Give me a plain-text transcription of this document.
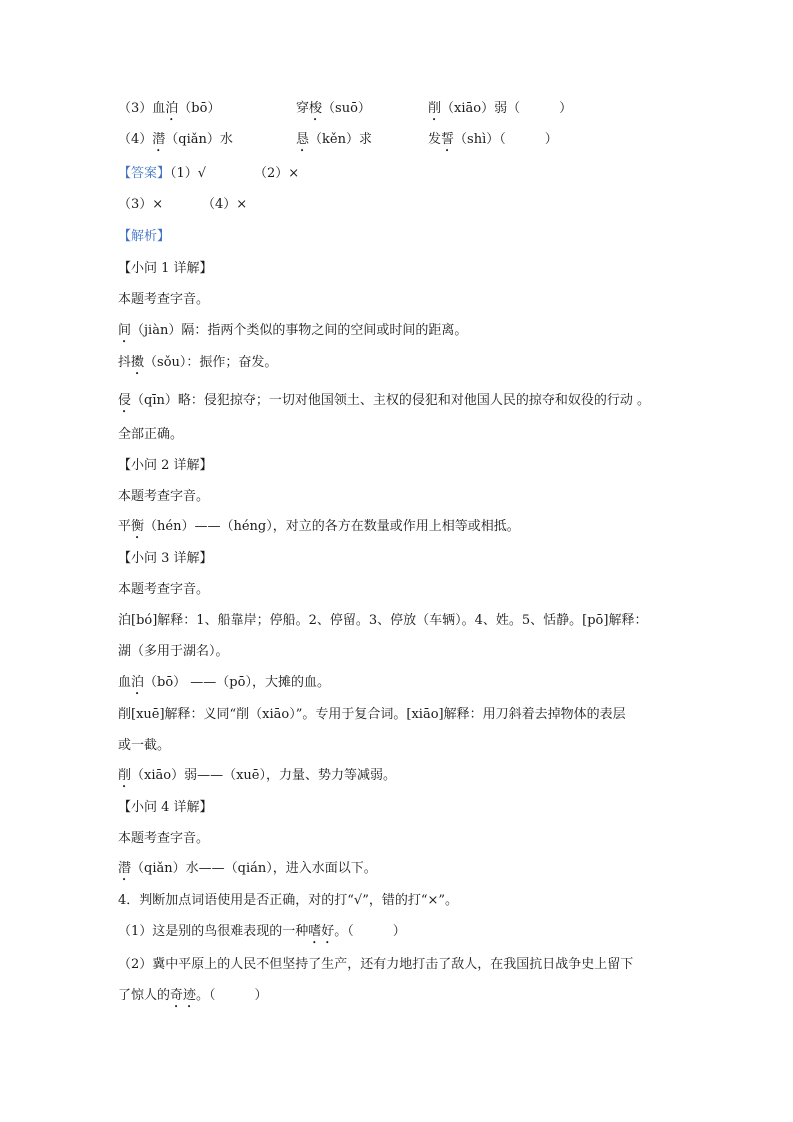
（3）血泊（bō）	穿梭（suō）	削（xiāo）弱（　　　）
（4）潜（qiǎn）水	恳（kěn）求	发誓（shì）（　　　）
【答案】（1）√	（2）×
（3）×	（4）×
【解析】
【小问 1 详解】
本题考查字音。
间（jiàn）隔：指两个类似的事物之间的空间或时间的距离。
抖擞（sǒu）：振作；奋发。
侵（qīn）略：侵犯掠夺；一切对他国领土、主权的侵犯和对他国人民的掠夺和奴役的行动 。
全部正确。
【小问 2 详解】
本题考查字音。
平衡（hén）——（héng），对立的各方在数量或作用上相等或相抵。
【小问 3 详解】
本题考查字音。
泊[bó]解释：1、船靠岸；停船。2、停留。3、停放（车辆）。4、姓。5、恬静。[pō]解释：
湖（多用于湖名）。
血泊（bō） ——（pō），大摊的血。
削[xuē]解释：义同“削（xiāo）”。专用于复合词。[xiāo]解释：用刀斜着去掉物体的表层
或一截。
削（xiāo）弱——（xuē），力量、势力等减弱。
【小问 4 详解】
本题考查字音。
潜（qiǎn）水——（qián），进入水面以下。
4．判断加点词语使用是否正确，对的打“√”，错的打“×”。
（1）这是别的鸟很难表现的一种嗜好。（　　　）
（2）冀中平原上的人民不但坚持了生产，还有力地打击了敌人，在我国抗日战争史上留下
了惊人的奇迹。（　　　）
